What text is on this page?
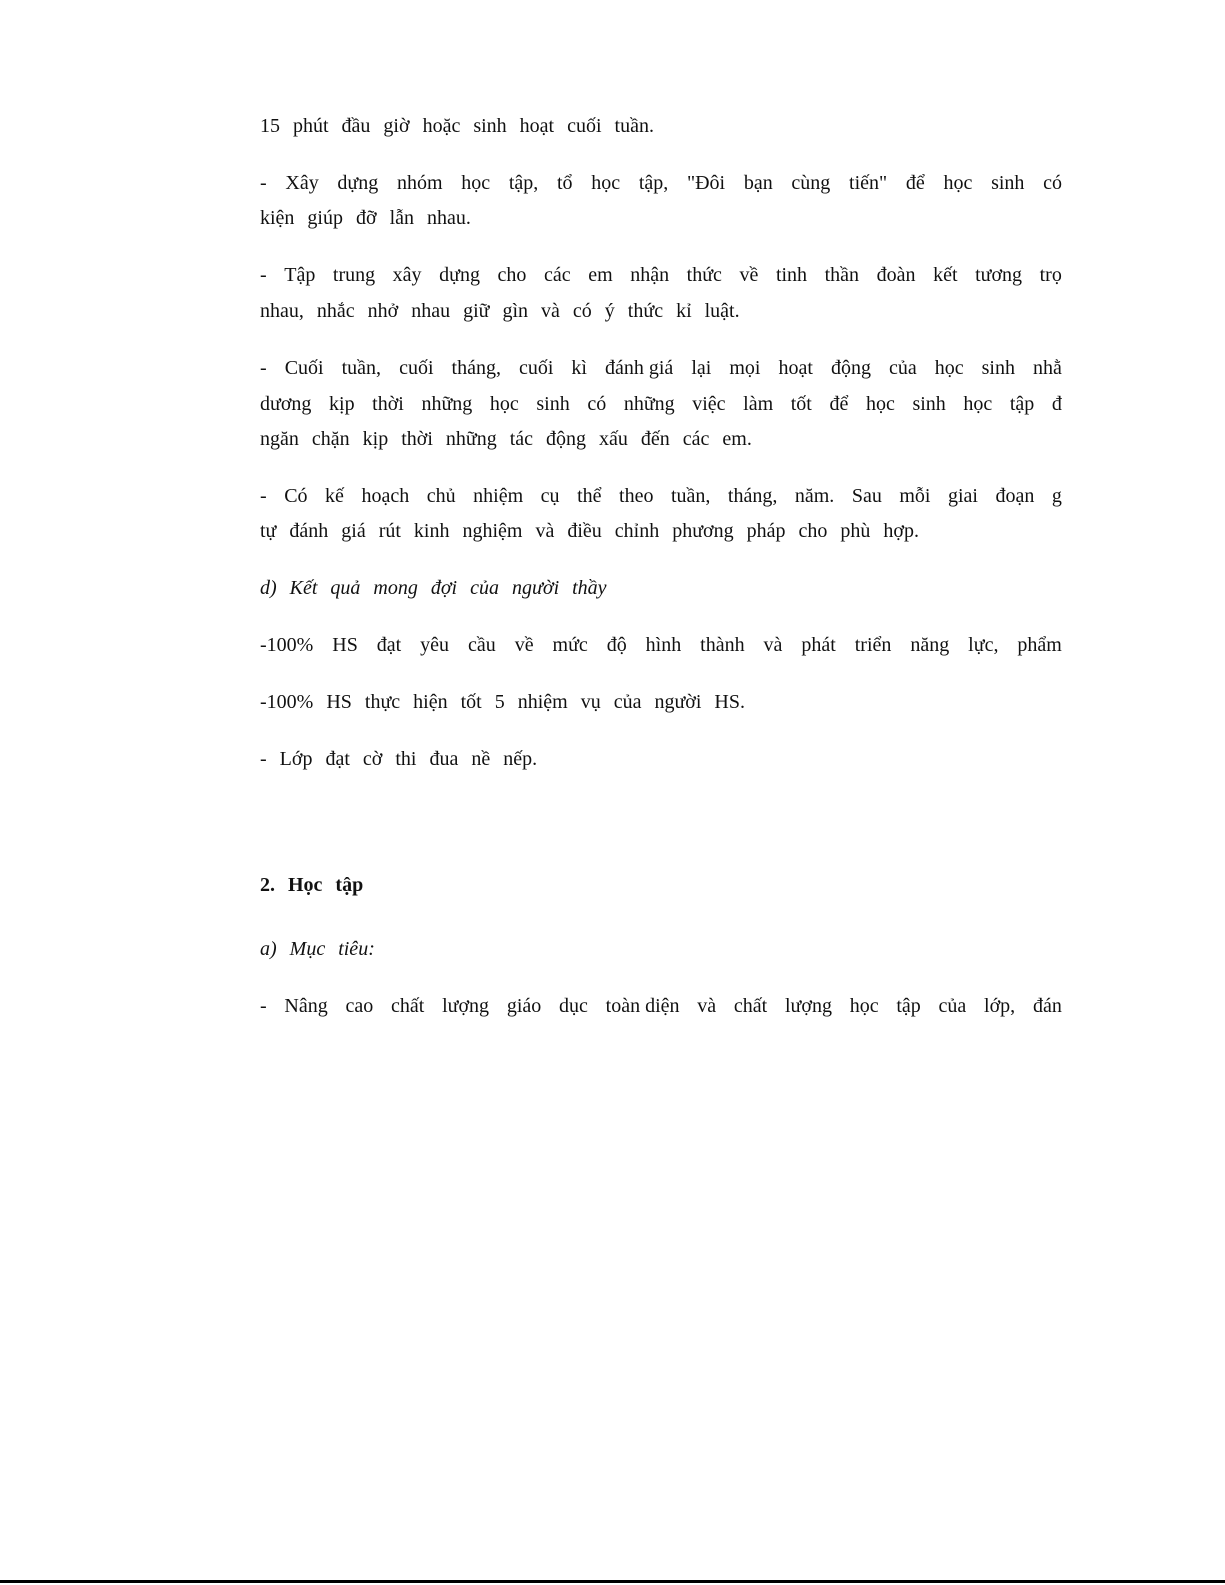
15 phút đầu giờ hoặc sinh hoạt cuối tuần.
- Xây dựng nhóm học tập, tổ học tập, "Đôi bạn cùng tiến" để học sinh có
kiện giúp đỡ lẫn nhau.
- Tập trung xây dựng cho các em nhận thức về tinh thần đoàn kết tương trọ
nhau, nhắc nhở nhau giữ gìn và có ý thức kỉ luật.
- Cuối tuần, cuối tháng, cuối kì đánh giá lại mọi hoạt động của học sinh nhằ
dương kịp thời những học sinh có những việc làm tốt để học sinh học tập đ
ngăn chặn kịp thời những tác động xấu đến các em.
- Có kế hoạch chủ nhiệm cụ thể theo tuần, tháng, năm. Sau mỗi giai đoạn g
tự đánh giá rút kinh nghiệm và điều chỉnh phương pháp cho phù hợp.
d) Kết quả mong đợi của người thầy
-100% HS đạt yêu cầu về mức độ hình thành và phát triển năng lực, phẩm
-100% HS thực hiện tốt 5 nhiệm vụ của người HS.
- Lớp đạt cờ thi đua nề nếp.
2. Học tập
a) Mục tiêu:
- Nâng cao chất lượng giáo dục toàn diện và chất lượng học tập của lớp, đán
